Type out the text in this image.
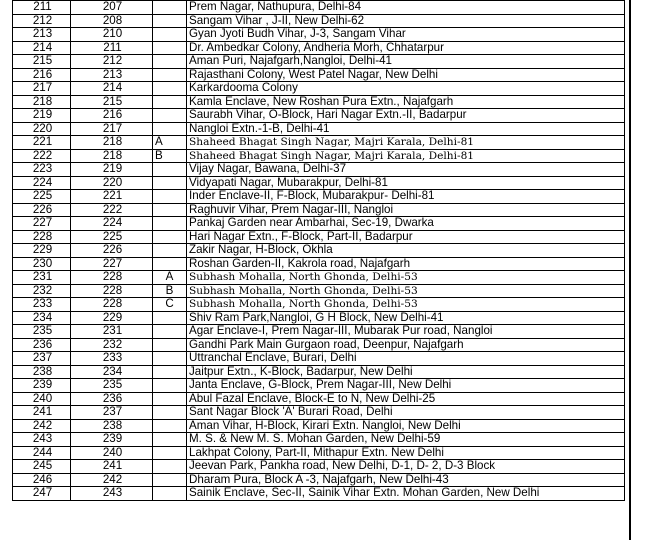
211	207		Prem Nagar, Nathupura, Delhi-84
212	208		Sangam Vihar , J-II, New Delhi-62
213	210		Gyan Jyoti Budh Vihar, J-3, Sangam Vihar
214	211		Dr. Ambedkar Colony, Andheria Morh, Chhatarpur
215	212		Aman Puri, Najafgarh,Nangloi, Delhi-41
216	213		Rajasthani Colony, West Patel Nagar, New Delhi
217	214		Karkardooma Colony
218	215		Kamla Enclave, New Roshan Pura Extn., Najafgarh
219	216		Saurabh Vihar, O-Block, Hari Nagar Extn.-II, Badarpur
220	217		Nangloi Extn.-1-B, Delhi-41
221	218	A	Shaheed Bhagat Singh Nagar, Majri Karala, Delhi-81
222	218	B	Shaheed Bhagat Singh Nagar, Majri Karala, Delhi-81
223	219		Vijay Nagar, Bawana, Delhi-37
224	220		Vidyapati Nagar, Mubarakpur, Delhi-81
225	221		Inder Enclave-II, F-Block, Mubarakpur- Delhi-81
226	222		Raghuvir Vihar, Prem Nagar-III, Nangloi
227	224		Pankaj Garden near Ambarhai, Sec-19, Dwarka
228	225		Hari Nagar Extn., F-Block, Part-II, Badarpur
229	226		Zakir Nagar, H-Block, Okhla
230	227		Roshan Garden-II, Kakrola road, Najafgarh
231	228	A	Subhash Mohalla, North Ghonda, Delhi-53
232	228	B	Subhash Mohalla, North Ghonda, Delhi-53
233	228	C	Subhash Mohalla, North Ghonda, Delhi-53
234	229		Shiv Ram Park,Nangloi, G H Block, New Delhi-41
235	231		Agar Enclave-I, Prem Nagar-III, Mubarak Pur road, Nangloi
236	232		Gandhi Park Main Gurgaon road, Deenpur, Najafgarh
237	233		Uttranchal Enclave, Burari, Delhi
238	234		Jaitpur Extn., K-Block, Badarpur, New Delhi
239	235		Janta Enclave, G-Block, Prem Nagar-III, New Delhi
240	236		Abul Fazal Enclave, Block-E to N, New Delhi-25
241	237		Sant Nagar Block 'A' Burari Road, Delhi
242	238		Aman Vihar, H-Block, Kirari Extn. Nangloi, New Delhi
243	239		M. S. & New M. S. Mohan Garden, New Delhi-59
244	240		Lakhpat Colony, Part-II, Mithapur Extn. New Delhi
245	241		Jeevan Park, Pankha road, New Delhi, D-1, D- 2, D-3 Block
246	242		Dharam Pura, Block A -3, Najafgarh, New Delhi-43
247	243		Sainik Enclave, Sec-II, Sainik Vihar Extn. Mohan Garden, New Delhi
